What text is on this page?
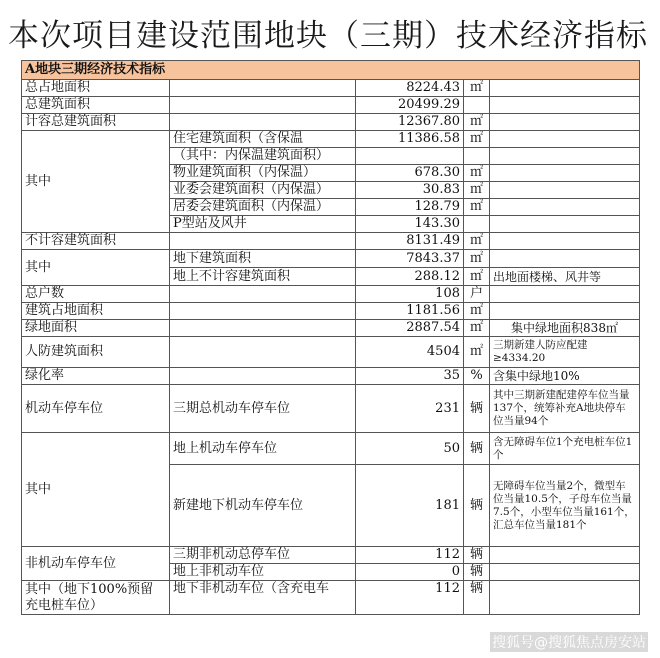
本次项目建设范围地块（三期）技术经济指标
A地块三期经济技术指标				
总占地面积		8224.43	㎡	
总建筑面积		20499.29		
计容总建筑面积		12367.80	㎡	
其中	住宅建筑面积（含保温	11386.58	㎡	
	（其中：内保温建筑面积）			
	物业建筑面积（内保温）	678.30	㎡	
	业委会建筑面积（内保温）	30.83	㎡	
	居委会建筑面积（内保温）	128.79	㎡	
	P型站及风井	143.30		
不计容建筑面积		8131.49	㎡	
其中	地下建筑面积	7843.37	㎡	
	地上不计容建筑面积	288.12	㎡	出地面楼梯、风井等
总户数		108	户	
建筑占地面积		1181.56	㎡	
绿地面积		2887.54	㎡	集中绿地面积838㎡
人防建筑面积		4504	㎡	三期新建人防应配建≥4334.20
绿化率		35	%	含集中绿地10%
机动车停车位	三期总机动车停车位	231	辆	其中三期新建配建停车位当量137个，统筹补充A地块停车位当量94个
其中	地上机动车停车位	50	辆	含无障碍车位1个充电桩车位1个
	新建地下机动车停车位	181	辆	无障碍车位当量2个，微型车位当量10.5个，子母车位当量7.5个，小型车位当量161个，汇总车位当量181个
非机动车停车位	三期非机动总停车位	112	辆	
	地上非机动车位	0	辆	
其中（地下100%预留充电桩车位）	地下非机动车位（含充电车	112	辆	
搜狐号@搜狐焦点房安站
